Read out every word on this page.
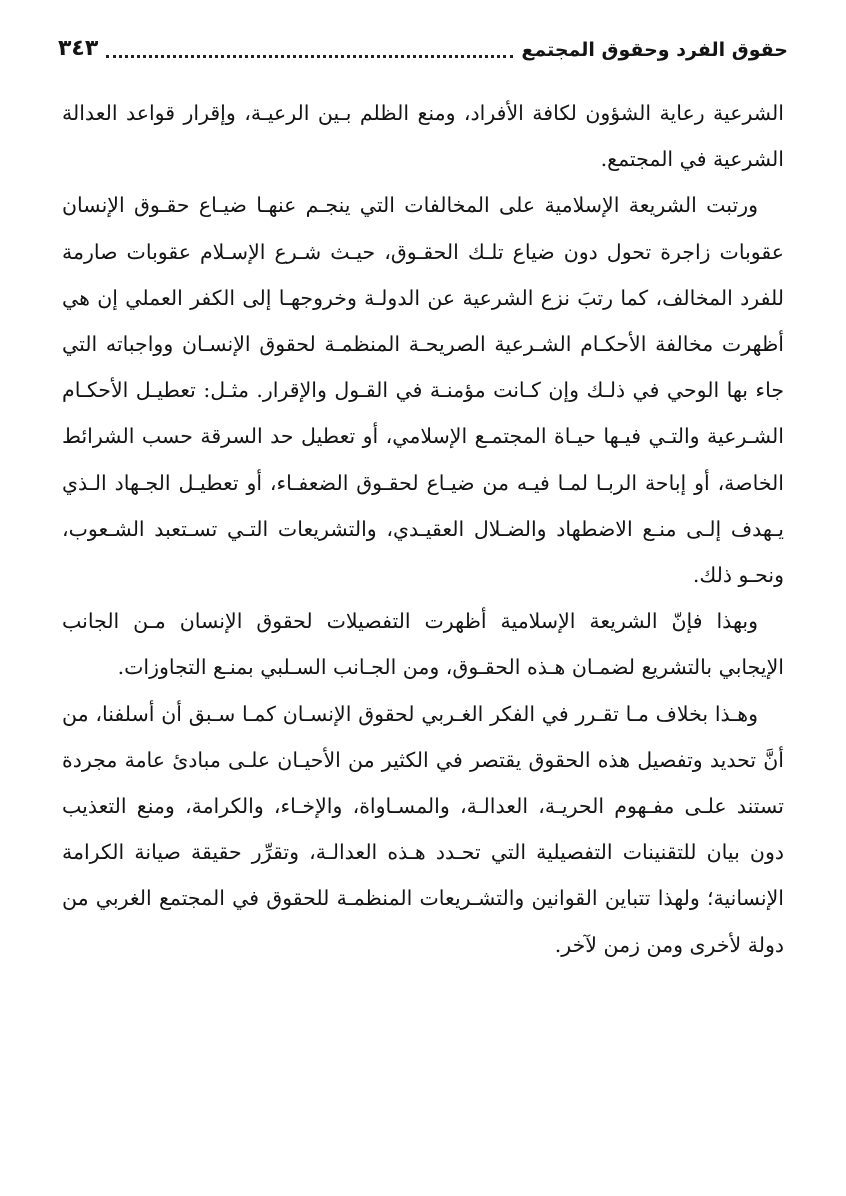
حقوق الفرد وحقوق المجتمع
٣٤٣

الشرعية رعاية الشؤون لكافة الأفراد، ومنع الظلم بـين الرعيـة، وإقرار قواعد العدالة الشرعية في المجتمع.

ورتبت الشريعة الإسلامية على المخالفات التي ينجـم عنهـا ضيـاع حقـوق الإنسان عقوبات زاجرة تحول دون ضياع تلـك الحقـوق، حيـث شـرع الإسـلام عقوبات صارمة للفرد المخالف، كما رتبَ نزع الشرعية عن الدولـة وخروجهـا إلى الكفر العملي إن هي أظهرت مخالفة الأحكـام الشـرعية الصريحـة المنظمـة لحقوق الإنسـان وواجباته التي جاء بها الوحي في ذلـك وإن كـانت مؤمنـة في القـول والإقرار. مثـل: تعطيـل الأحكـام الشـرعية والتـي فيـها حيـاة المجتمـع الإسلامي، أو تعطيل حد السرقة حسب الشرائط الخاصة، أو إباحة الربـا لمـا فيـه من ضيـاع لحقـوق الضعفـاء، أو تعطيـل الجـهاد الـذي يـهدف إلـى منـع الاضطهاد والضـلال العقيـدي، والتشريعات التـي تسـتعبد الشـعوب، ونحـو ذلك.

وبهذا فإنّ الشريعة الإسلامية أظهرت التفصيلات لحقوق الإنسان مـن الجانب الإيجابي بالتشريع لضمـان هـذه الحقـوق، ومن الجـانب السـلبي بمنـع التجاوزات.

وهـذا بخلاف مـا تقـرر في الفكر الغـربي لحقوق الإنسـان كمـا سـبق أن أسلفنا، من أنَّ تحديد وتفصيل هذه الحقوق يقتصر في الكثير من الأحيـان علـى مبادئ عامة مجردة تستند علـى مفـهوم الحريـة، العدالـة، والمسـاواة، والإخـاء، والكرامة، ومنع التعذيب دون بيان للتقنينات التفصيلية التي تحـدد هـذه العدالـة، وتقرِّر حقيقة صيانة الكرامة الإنسانية؛ ولهذا تتباين القوانين والتشـريعات المنظمـة للحقوق في المجتمع الغربي من دولة لأخرى ومن زمن لآخر.
